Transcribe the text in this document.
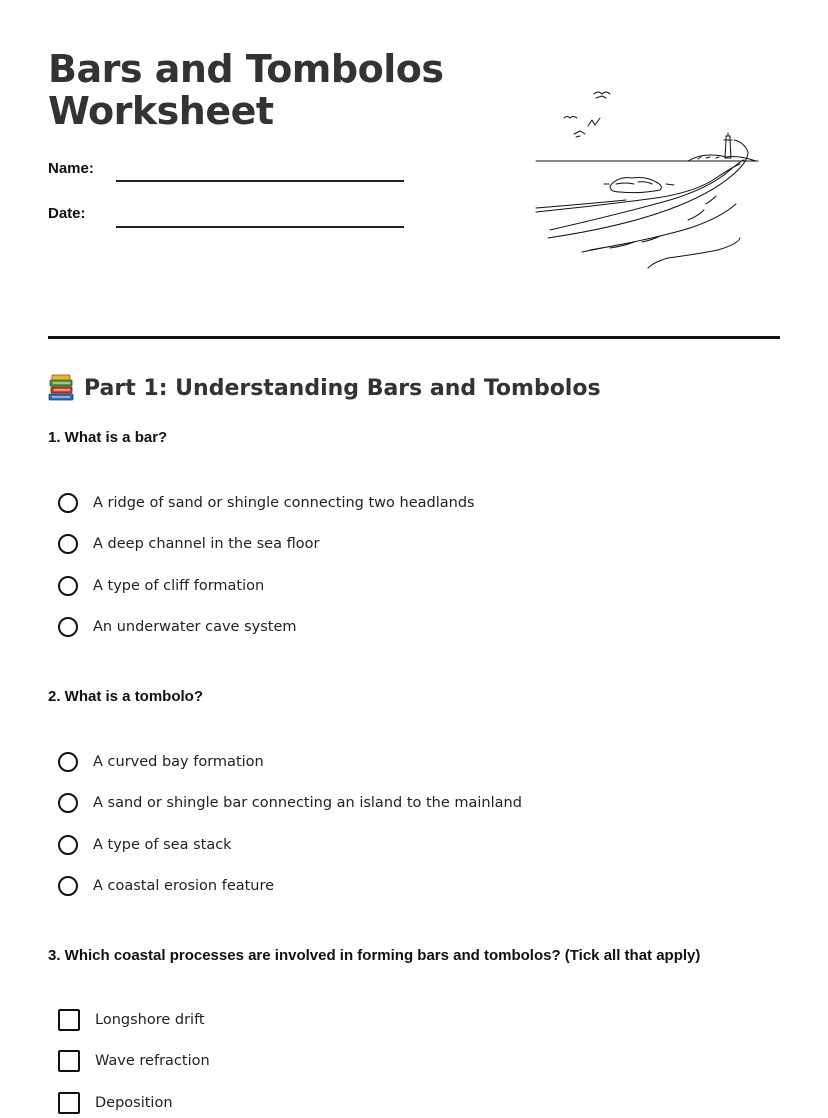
Bars and Tombolos
Worksheet
Name:
Date:
Part 1: Understanding Bars and Tombolos

1. What is a bar?

A ridge of sand or shingle connecting two headlands
A deep channel in the sea floor
A type of cliff formation
An underwater cave system

2. What is a tombolo?

A curved bay formation
A sand or shingle bar connecting an island to the mainland
A type of sea stack
A coastal erosion feature

3. Which coastal processes are involved in forming bars and tombolos? (Tick all that apply)

Longshore drift
Wave refraction
Deposition
